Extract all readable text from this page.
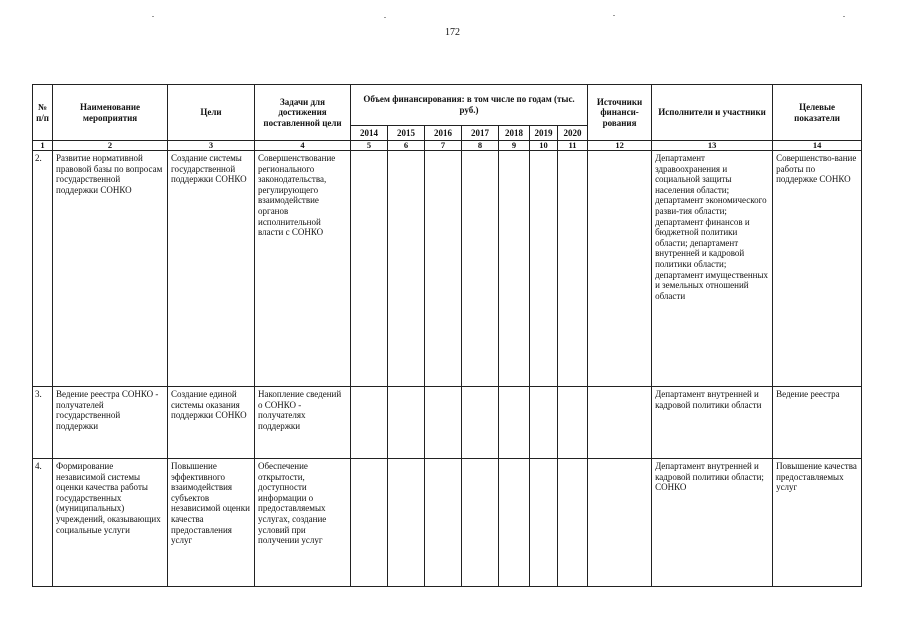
172
№ п/п	Наименование мероприятия	Цели	Задачи для достижения поставленной цели	Объем финансирования: в том числе по годам (тыс. руб.)							Источники финанси-рования	Исполнители и участники	Целевые показатели
				2014	2015	2016	2017	2018	2019	2020			
1	2	3	4	5	6	7	8	9	10	11	12	13	14
2.	Развитие нормативной правовой базы по вопросам государственной поддержки СОНКО	Создание системы государственной поддержки СОНКО	Совершенствование регионального законодательства, регулирующего взаимодействие органов исполнительной власти с СОНКО									Департамент здравоохранения и социальной защиты населения области; департамент экономического разви-тия области; департамент финансов и бюджетной политики области; департамент внутренней и кадровой политики области; департамент имущественных и земельных отношений области	Совершенство-вание работы по поддержке СОНКО
3.	Ведение реестра СОНКО - получателей государственной поддержки	Создание единой системы оказания поддержки СОНКО	Накопление сведений о СОНКО - получателях поддержки									Департамент внутренней и кадровой политики области	Ведение реестра
4.	Формирование независимой системы оценки качества работы государственных (муниципальных) учреждений, оказывающих социальные услуги	Повышение эффективного взаимодействия субъектов независимой оценки качества предоставления услуг	Обеспечение открытости, доступности информации о предоставляемых услугах, создание условий при получении услуг									Департамент внутренней и кадровой политики области; СОНКО	Повышение качества предоставляемых услуг
